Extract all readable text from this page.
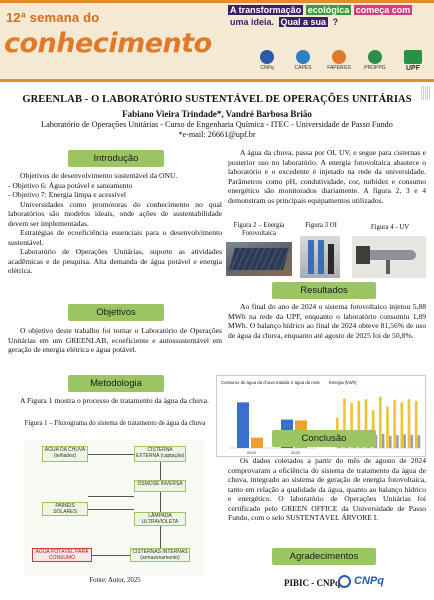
12ª semana do
conhecimento
A transformação ecológica começa com
uma ideia. Qual a sua ?
CNPq	CAPES	FAPERGS	PROPPG	UPF
GREENLAB - O LABORATÓRIO SUSTENTÁVEL DE OPERAÇÕES UNITÁRIAS
Fabiano Vieira Trindade*, Vandré Barbosa Brião
Laboratório de Operações Unitárias - Curso de Engenharia Química - ITEC - Universidade de Passo Fundo
*e-mail: 26661@upf.br
Introdução

Objetivos de desenvolvimento sustentável da ONU.

- Objetivo 6: Água potável e saneamento

- Objetivo 7: Energia limpa e acessível

Universidades como promotoras do conhecimento no qual laboratórios são modelos ideais, onde ações de sustentabilidade devem ser implementadas.

Estratégias de ecoeficiência essenciais para o desenvolvimento sustentável.

Laboratório de Operações Unitárias, suporte as atividades acadêmicas e de pesquisa. Alta demanda de água potável e energia elétrica.

Objetivos

O objetivo deste trabalho foi tornar o Laboratório de Operações Unitárias em um GREENLAB, ecoeficiente e autossustentável em geração de energia elétrica e água potável.

Metodologia

A Figura 1 mostra o processo de tratamento da água da chuva.

Figura 1 – Fluxograma do sistema de tratamento de água da chuva
ÁGUA DA CHUVA (telhados)
CISTERNA EXTERNA (captação)
OSMOSE INVERSA
PAINÉIS SOLARES
LÂMPADA ULTRAVIOLETA
ÁGUA POTÁVEL PARA CONSUMO
CISTERNAS INTERNAS (armazenamento)
Fonte: Autor, 2025

A água da chuva, passa por OI, UV, e segue para cisternas e posterior uso no laboratório. A energia fotovoltaica abastece o laboratório e o excedente é injetado na rede da universidade. Parâmetros como pH, condutividade, cor, turbidez e consumo energético são monitorados diariamente. A figura 2, 3 e 4 demonstram os principais equipamentos utilizados.

Figura 2 – Energia Fotovoltaica
Figura 3 OI	Figura 4 - UV
Resultados

Ao final do ano de 2024 o sistema fotovoltaico injetou 5,88 MWh na rede da UPF, enquanto o laboratório consumiu 1,89 MWh. O balanço hídrico ao final de 2024 obteve 81,56% de uso de água da chuva, enquanto até agosto de 2025 foi de 50,8%.

Consumo de água da chuva tratada X água da rede Energia (kWh)
2024	2025
Conclusão

Os dados coletados a partir do mês de agosto de 2024 comprovaram a eficiência do sistema de tratamento da água de chuva, integrado ao sistema de geração de energia fotovoltaica, tanto em relação a qualidade da água, quanto ao balanço hídrico e energético. O laboratório de Operações Unitárias foi certificado pelo GREEN OFFICE da Universidade de Passo Fundo, com o selo SUSTENTÁVEL ÁRVORE I.

Agradecimentos
PIBIC - CNPq CNPq
